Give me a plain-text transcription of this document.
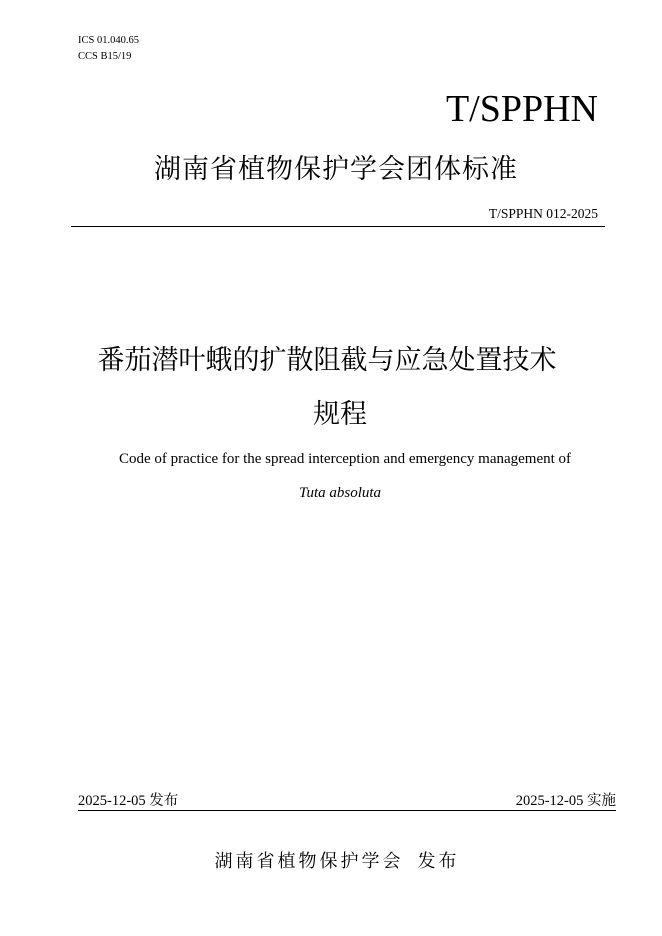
ICS 01.040.65
CCS B15/19
T/SPPHN
湖南省植物保护学会团体标准
T/SPPHN 012-2025
番茄潜叶蛾的扩散阻截与应急处置技术
规程
Code of practice for the spread interception and emergency management of
Tuta absoluta
2025-12-05 发布	2025-12-05 实施
湖南省植物保护学会 发布
